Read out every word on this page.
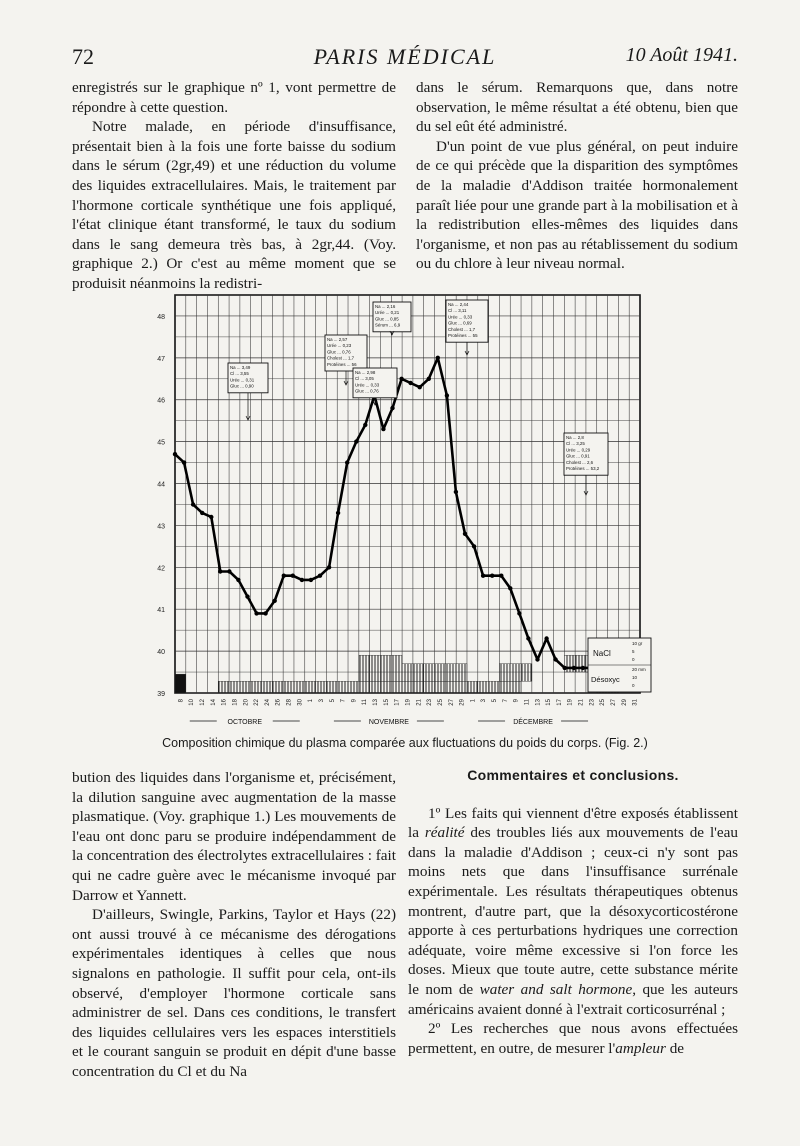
72	PARIS MÉDICAL	10 Août 1941.

enregistrés sur le graphique nº 1, vont permettre de répondre à cette question.

Notre malade, en période d'insuffisance, présentait bien à la fois une forte baisse du sodium dans le sérum (2gr,49) et une réduction du volume des liquides extracellulaires. Mais, le traitement par l'hormone corticale synthétique une fois appliqué, l'état clinique étant transformé, le taux du sodium dans le sang demeura très bas, à 2gr,44. (Voy. graphique 2.) Or c'est au même moment que se produisit néanmoins la redistri-

dans le sérum. Remarquons que, dans notre observation, le même résultat a été obtenu, bien que du sel eût été administré.

D'un point de vue plus général, on peut induire de ce qui précède que la disparition des symptômes de la maladie d'Addison traitée hormonalement paraît liée pour une grande part à la mobilisation et à la redistribution elles-mêmes des liquides dans l'organisme, et non pas au rétablissement du sodium ou du chlore à leur niveau normal.

Na ... 3,49
Cl ... 3,55
Urée ... 0,31
Gluc ... 0,90
Na ... 2,57
Urée ... 0,23
Gluc ... 0,76
Cholest ... 1,7
Protéines ... 56
Na ... 2,98
Cl ... 3,05
Urée ... 0,33
Gluc ... 0,76
Na ... 2,16
Urée ... 0,21
Gluc ... 0,85
Sérum ... 6,9
Na ... 2,44
Cl ... 3,11
Urée ... 0,33
Gluc ... 0,69
Cholest ... 1,7
Protéines ... 55
Na ... 2,8
Cl ... 3,25
Urée ... 0,29
Gluc ... 0,91
Cholest ... 2,6
Protéines ... 53,2
39
40
41
42
43
44
45
46
47
48
8 10 12 14 16 18 20 22 24 26 28 30 1 3 5 7 9 11 13 15 17 19 21 23 25 27 29 1 3 5 7 9 11 13 15 17 19 21 23 25 27 29 31
OCTOBRE	NOVEMBRE	DÉCEMBRE
NaCl
Désoxyc
10 gr
5
0
20 mm
10
0
Composition chimique du plasma comparée aux fluctuations du poids du corps. (Fig. 2.)

bution des liquides dans l'organisme et, précisément, la dilution sanguine avec augmentation de la masse plasmatique. (Voy. graphique 1.) Les mouvements de l'eau ont donc paru se produire indépendamment de la concentration des électrolytes extracellulaires : fait qui ne cadre guère avec le mécanisme invoqué par Darrow et Yannett.

D'ailleurs, Swingle, Parkins, Taylor et Hays (22) ont aussi trouvé à ce mécanisme des dérogations expérimentales identiques à celles que nous signalons en pathologie. Il suffit pour cela, ont-ils observé, d'employer l'hormone corticale sans administrer de sel. Dans ces conditions, le transfert des liquides cellulaires vers les espaces interstitiels et le courant sanguin se produit en dépit d'une basse concentration du Cl et du Na

Commentaires et conclusions.

1º Les faits qui viennent d'être exposés établissent la réalité des troubles liés aux mouvements de l'eau dans la maladie d'Addison ; ceux-ci n'y sont pas moins nets que dans l'insuffisance surrénale expérimentale. Les résultats thérapeutiques obtenus montrent, d'autre part, que la désoxycorticostérone apporte à ces perturbations hydriques une correction adéquate, voire même excessive si l'on force les doses. Mieux que toute autre, cette substance mérite le nom de water and salt hormone, que les auteurs américains avaient donné à l'extrait corticosurrénal ;

2º Les recherches que nous avons effectuées permettent, en outre, de mesurer l'ampleur de
